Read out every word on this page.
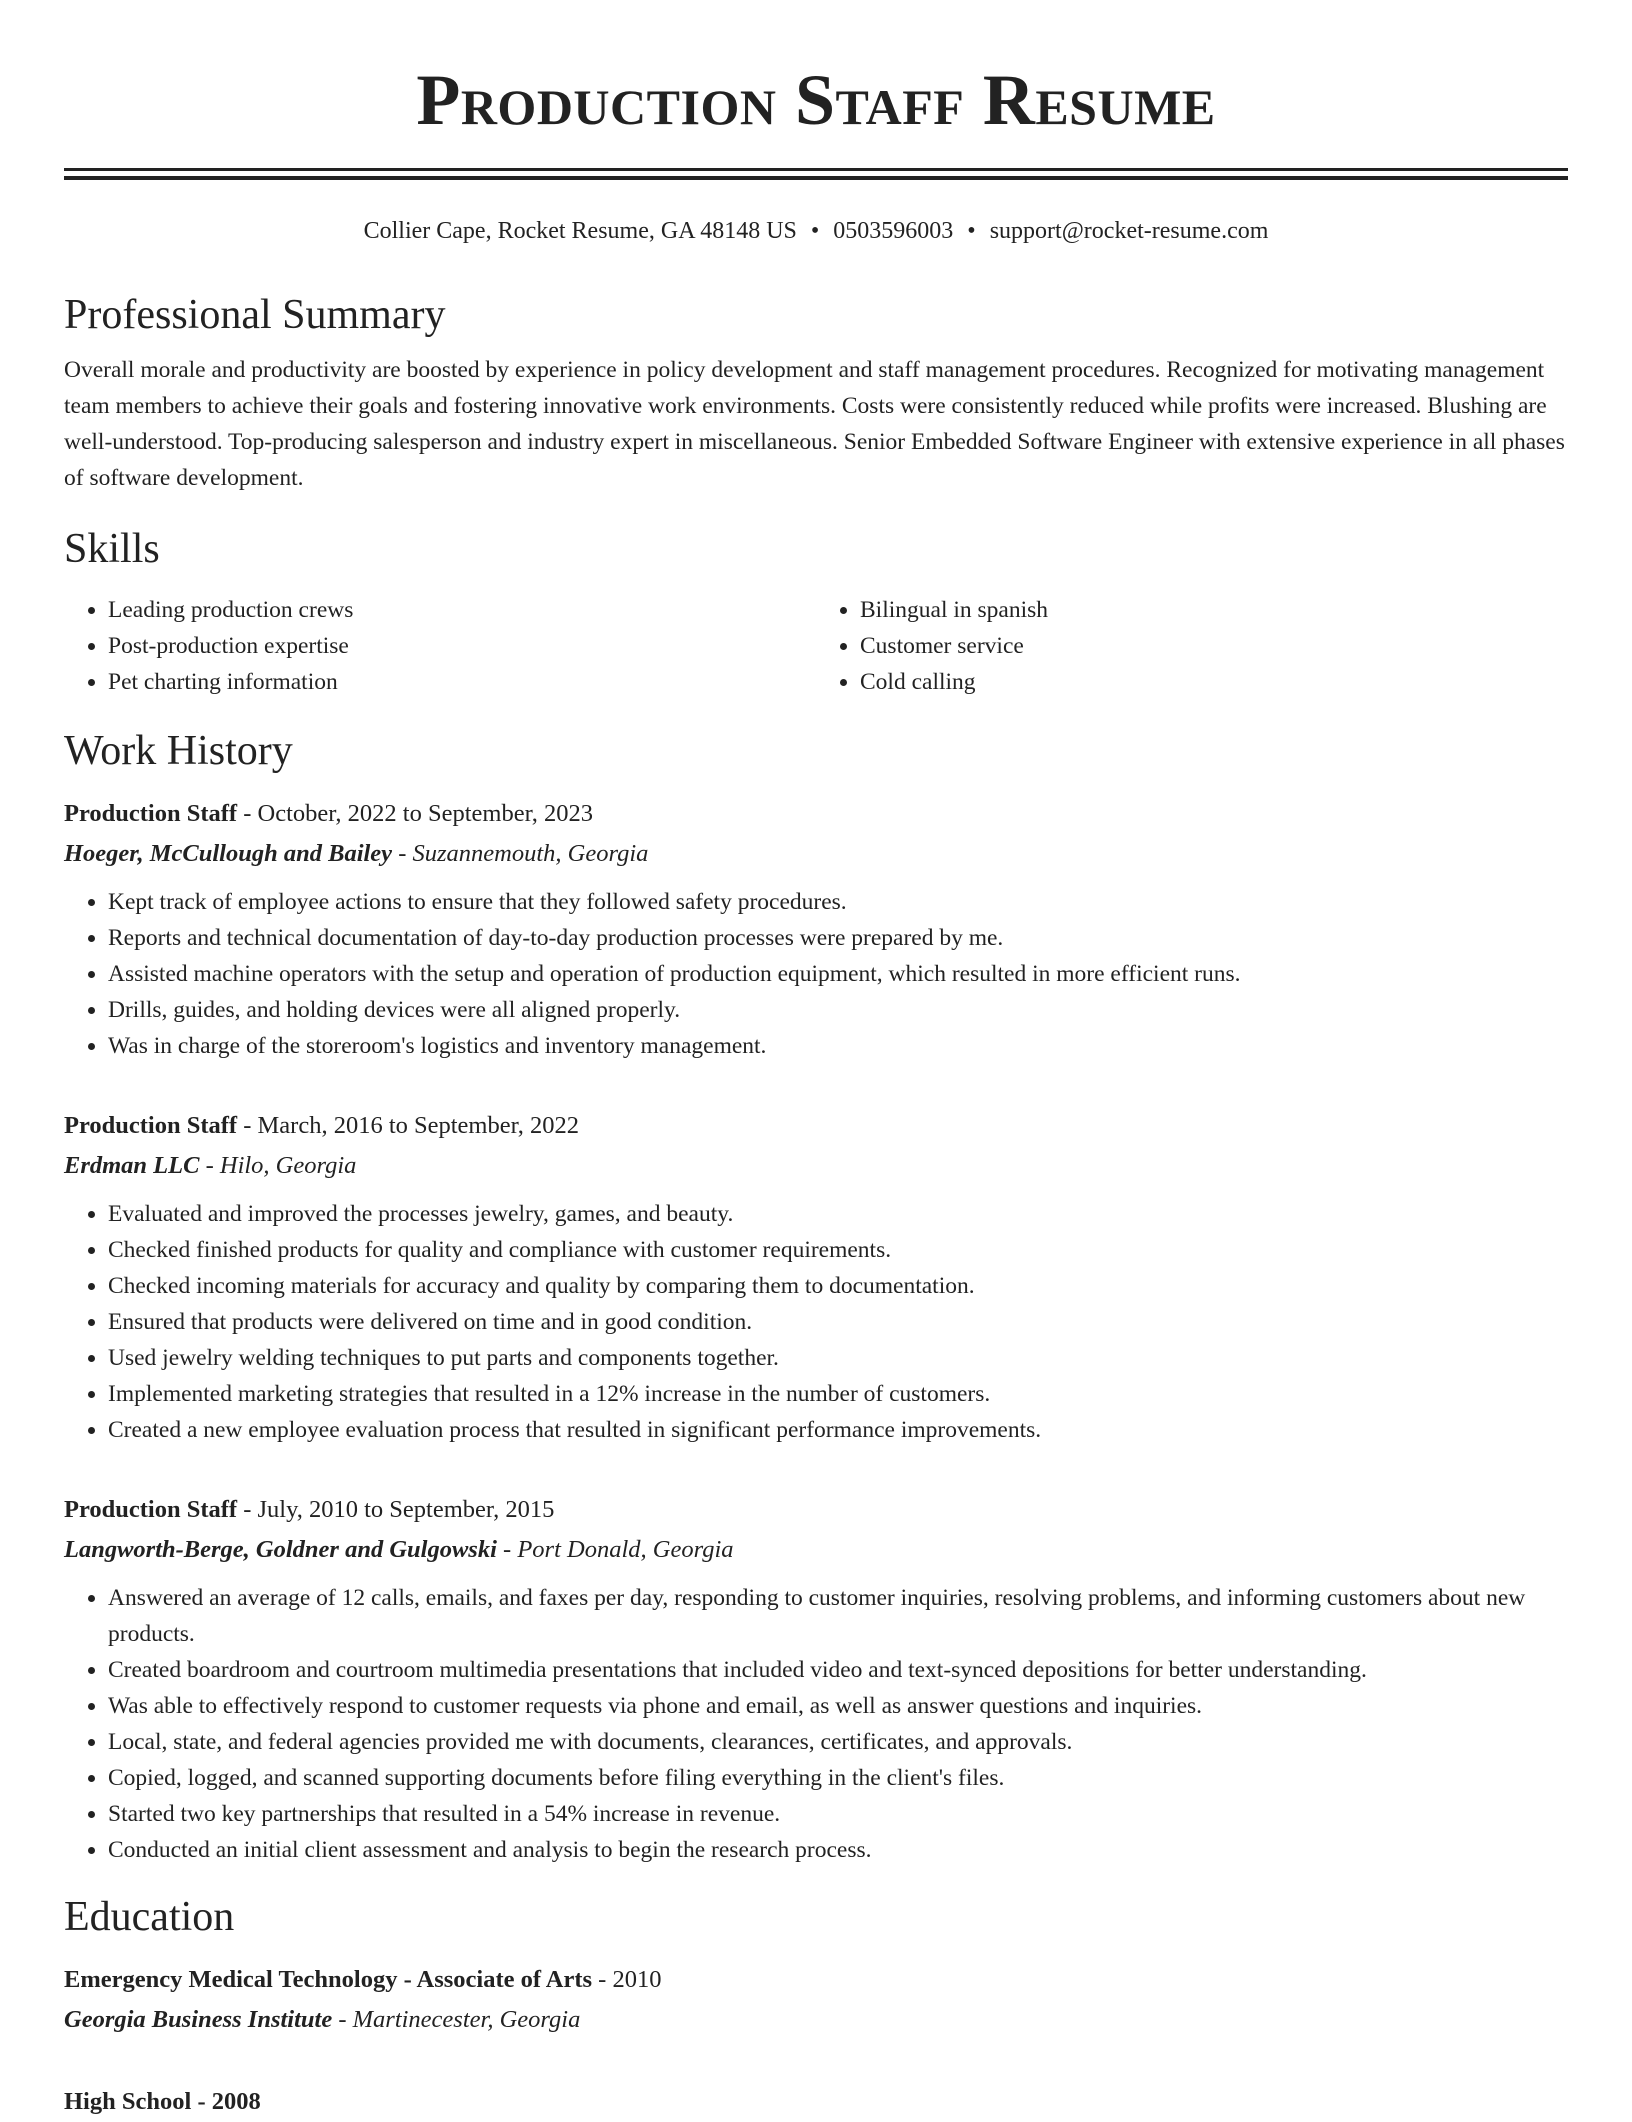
Production Staff Resume
Collier Cape, Rocket Resume, GA 48148 US • 0503596003 • support@rocket-resume.com
Professional Summary
Overall morale and productivity are boosted by experience in policy development and staff management procedures. Recognized for motivating management team members to achieve their goals and fostering innovative work environments. Costs were consistently reduced while profits were increased. Blushing are well-understood. Top-producing salesperson and industry expert in miscellaneous. Senior Embedded Software Engineer with extensive experience in all phases of software development.
Skills
• Leading production crews
• Post-production expertise
• Pet charting information
• Bilingual in spanish
• Customer service
• Cold calling
Work History
Production Staff - October, 2022 to September, 2023
Hoeger, McCullough and Bailey - Suzannemouth, Georgia
• Kept track of employee actions to ensure that they followed safety procedures.
• Reports and technical documentation of day-to-day production processes were prepared by me.
• Assisted machine operators with the setup and operation of production equipment, which resulted in more efficient runs.
• Drills, guides, and holding devices were all aligned properly.
• Was in charge of the storeroom's logistics and inventory management.
Production Staff - March, 2016 to September, 2022
Erdman LLC - Hilo, Georgia
• Evaluated and improved the processes jewelry, games, and beauty.
• Checked finished products for quality and compliance with customer requirements.
• Checked incoming materials for accuracy and quality by comparing them to documentation.
• Ensured that products were delivered on time and in good condition.
• Used jewelry welding techniques to put parts and components together.
• Implemented marketing strategies that resulted in a 12% increase in the number of customers.
• Created a new employee evaluation process that resulted in significant performance improvements.
Production Staff - July, 2010 to September, 2015
Langworth-Berge, Goldner and Gulgowski - Port Donald, Georgia
• Answered an average of 12 calls, emails, and faxes per day, responding to customer inquiries, resolving problems, and informing customers about new products.
• Created boardroom and courtroom multimedia presentations that included video and text-synced depositions for better understanding.
• Was able to effectively respond to customer requests via phone and email, as well as answer questions and inquiries.
• Local, state, and federal agencies provided me with documents, clearances, certificates, and approvals.
• Copied, logged, and scanned supporting documents before filing everything in the client's files.
• Started two key partnerships that resulted in a 54% increase in revenue.
• Conducted an initial client assessment and analysis to begin the research process.
Education
Emergency Medical Technology - Associate of Arts - 2010
Georgia Business Institute - Martinecester, Georgia
High School - 2008
